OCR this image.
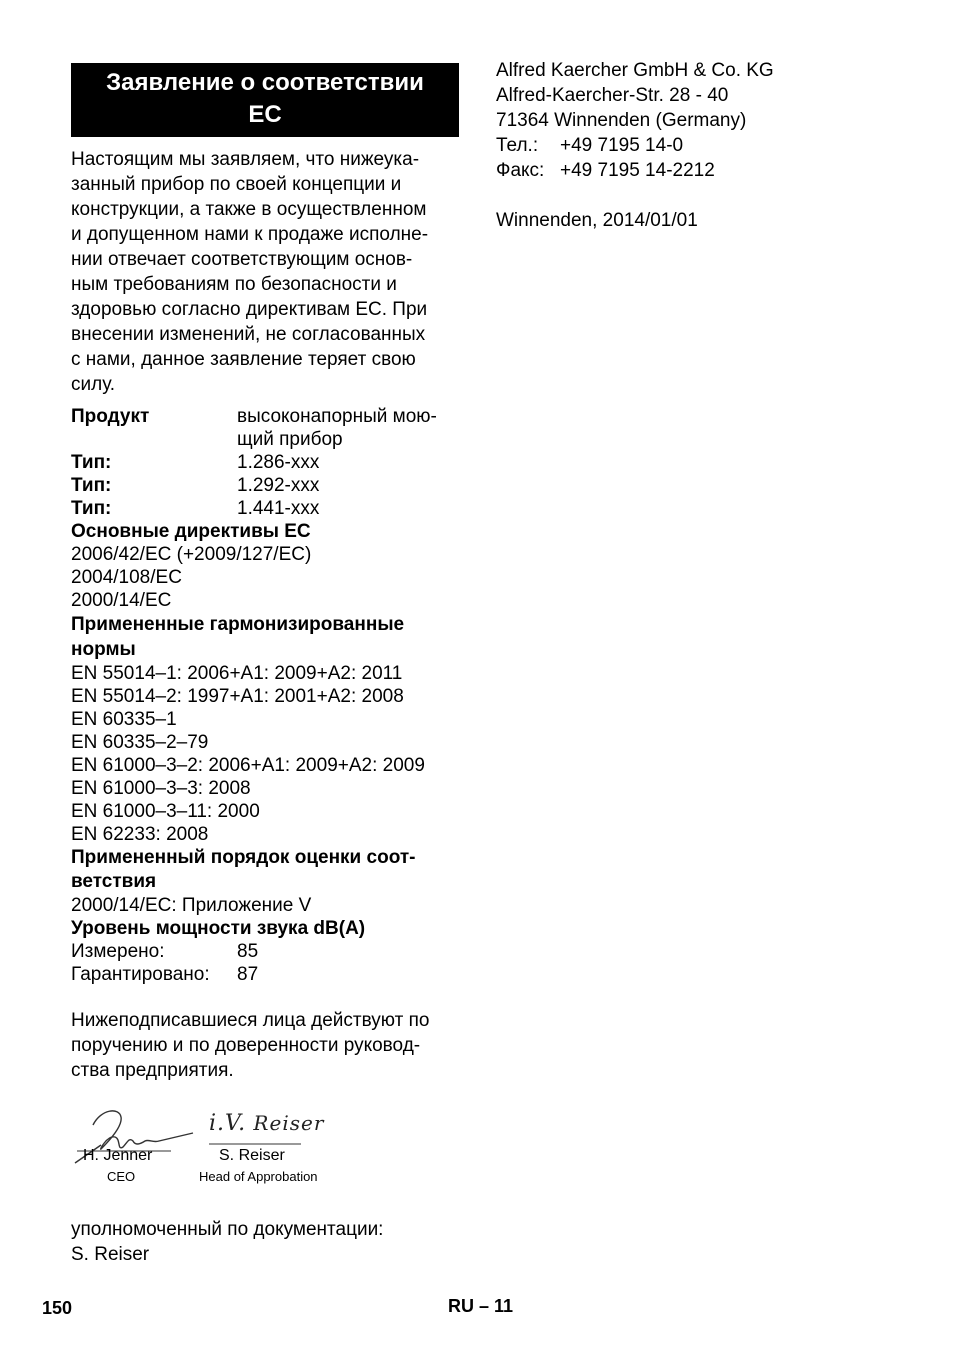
Заявление о соответствии
ЕС
Настоящим мы заявляем, что нижеука-
занный прибор по своей концепции и
конструкции, а также в осуществленном
и допущенном нами к продаже исполне-
нии отвечает соответствующим основ-
ным требованиям по безопасности и
здоровью согласно директивам ЕС. При
внесении изменений, не согласованных
с нами, данное заявление теряет свою
силу.
Продукт	высоконапорный мою-
щий прибор
Тип:	1.286-xxx
Тип:	1.292-xxx
Тип:	1.441-xxx
Основные директивы ЕС
2006/42/EC (+2009/127/EC)
2004/108/EC
2000/14/EC
Примененные гармонизированные
нормы
EN 55014–1: 2006+A1: 2009+A2: 2011
EN 55014–2: 1997+A1: 2001+A2: 2008
EN 60335–1
EN 60335–2–79
EN 61000–3–2: 2006+A1: 2009+A2: 2009
EN 61000–3–3: 2008
EN 61000–3–11: 2000
EN 62233: 2008
Примененный порядок оценки соот-
ветствия
2000/14/EC: Приложение V
Уровень мощности звука dB(A)
Измерено:	85
Гарантировано:	87
Нижеподписавшиеся лица действуют по
поручению и по доверенности руковод-
ства предприятия.
H. Jenner
CEO
i.V. Reiser
S. Reiser
Head of Approbation
уполномоченный по документации:
S. Reiser
Alfred Kaercher GmbH & Co. KG
Alfred-Kaercher-Str. 28 - 40
71364 Winnenden (Germany)
Тел.:	+49 7195 14-0
Факс: +49 7195 14-2212
Winnenden, 2014/01/01
150	RU – 11
